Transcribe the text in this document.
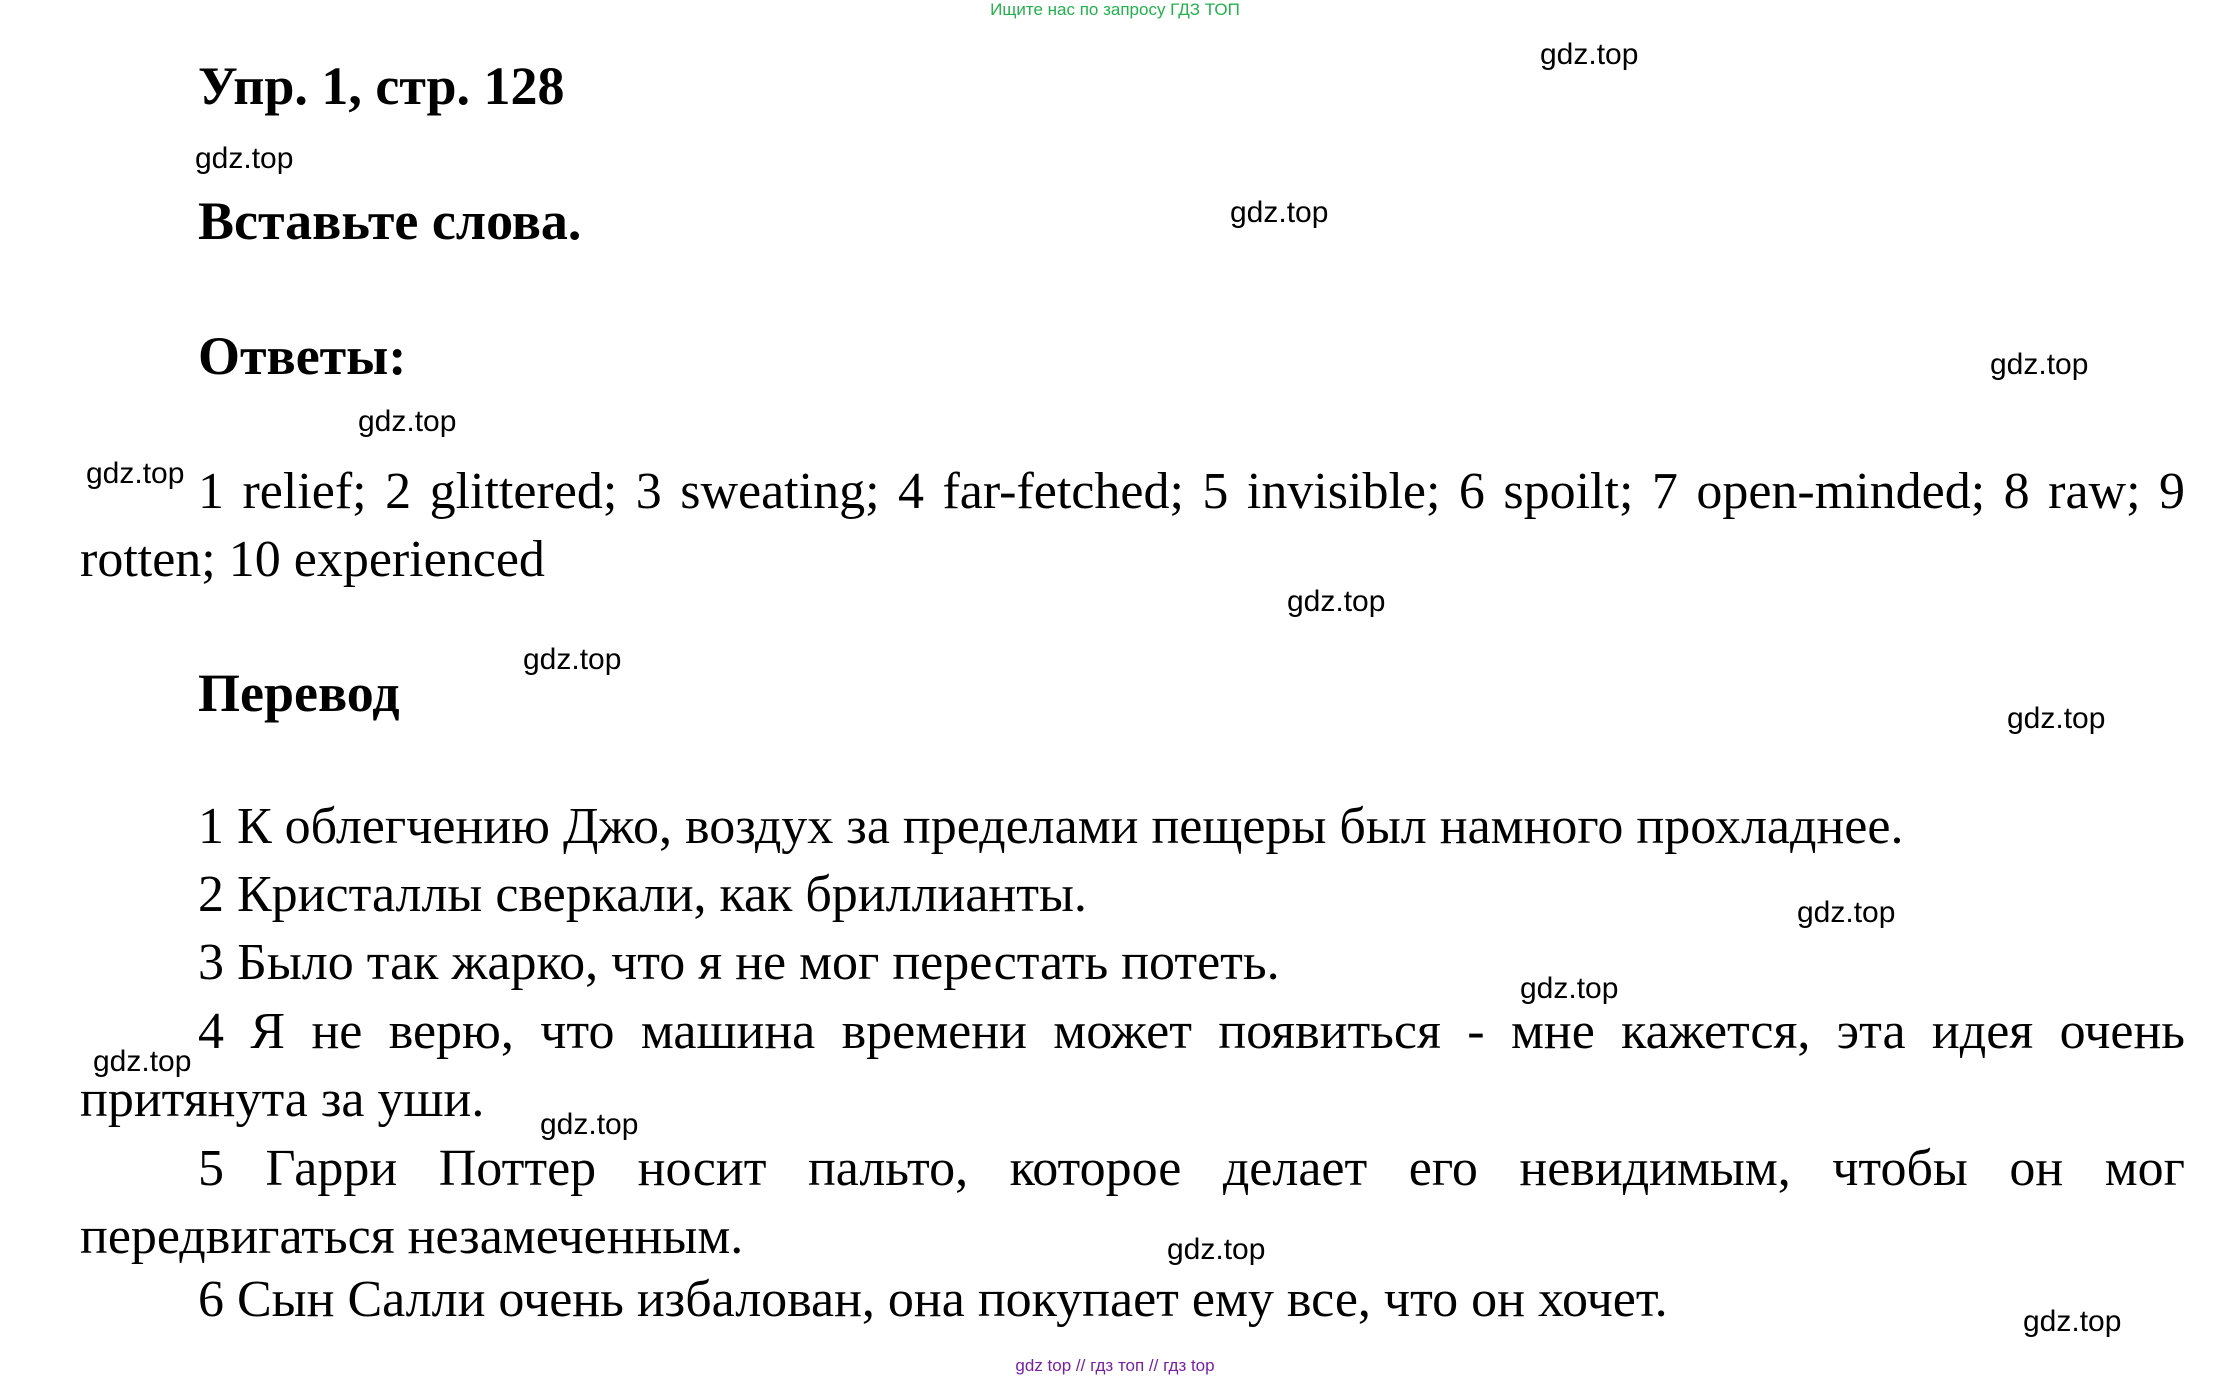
Ищите нас по запросу ГДЗ ТОП
Упр. 1, стр. 128
Вставьте слова.
Ответы:
1 relief; 2 glittered; 3 sweating; 4 far-fetched; 5 invisible; 6 spoilt; 7 open-minded; 8 raw; 9 rotten; 10 experienced
Перевод
1 К облегчению Джо, воздух за пределами пещеры был намного прохладнее.
2 Кристаллы сверкали, как бриллианты.
3 Было так жарко, что я не мог перестать потеть.
4 Я не верю, что машина времени может появиться - мне кажется, эта идея очень притянута за уши.
5 Гарри Поттер носит пальто, которое делает его невидимым, чтобы он мог передвигаться незамеченным.
6 Сын Салли очень избалован, она покупает ему все, что он хочет.
gdz.top
gdz.top
gdz.top
gdz.top
gdz.top
gdz.top
gdz.top
gdz.top
gdz.top
gdz.top
gdz.top
gdz.top
gdz.top
gdz.top
gdz.top
gdz top // гдз топ // гдз top
